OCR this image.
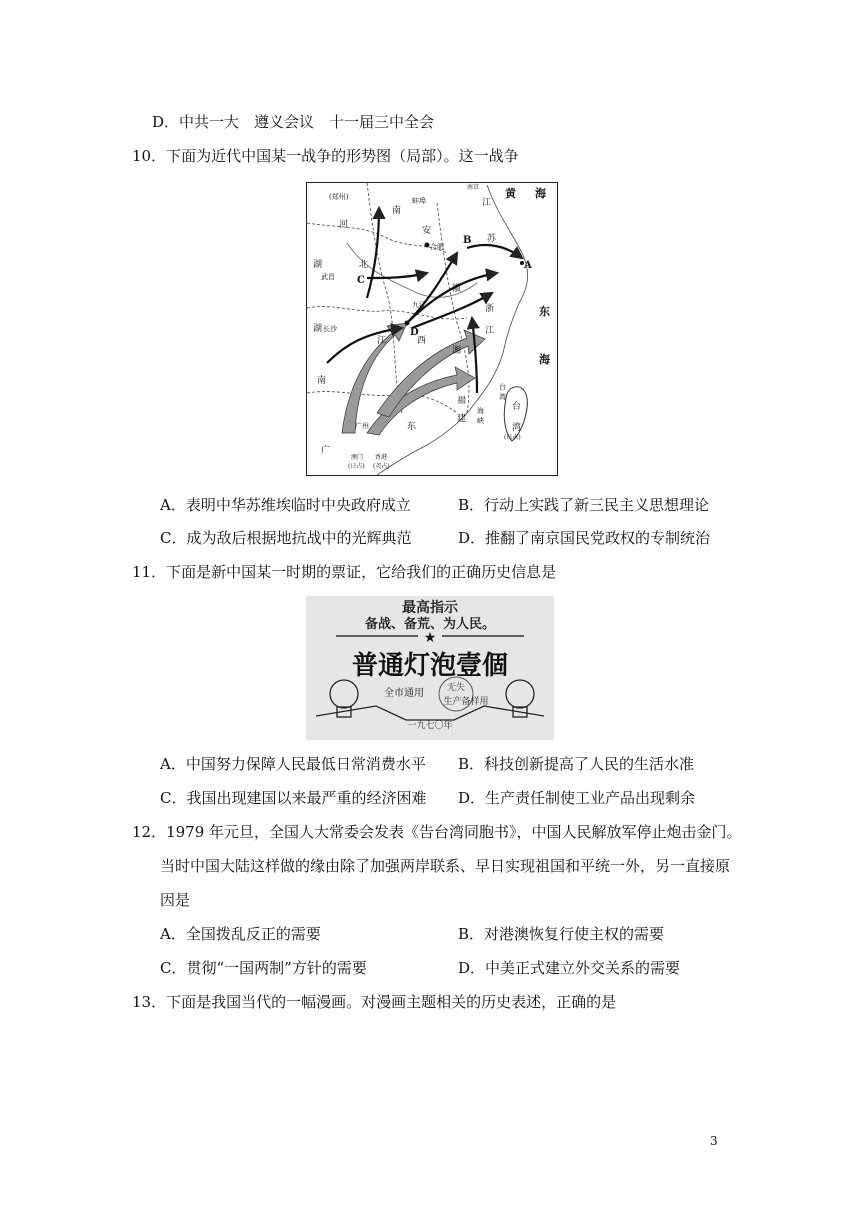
D．中共一大　遵义会议　十一届三中全会
10．下面为近代中国某一战争的形势图（局部）。这一战争
(郑州)
河
南
蚌埠
安
江
苏
黄 海
南京
合肥
湖	北
武昌
九江
徽
浙
江
东
海
湖 长沙
江	西
湘
南
福
建
台
湾
海
峡
台
湾
(日占)
广州	东
广
澳门
(日占)
香港
(英占)
A
B
C
D
A．表明中华苏维埃临时中央政府成立	B．行动上实践了新三民主义思想理论
C．成为敌后根据地抗战中的光辉典范	D．推翻了南京国民党政权的专制统治
11．下面是新中国某一时期的票证，它给我们的正确历史信息是
最高指示
备战、备荒、为人民。
★
普通灯泡壹個
全市通用	无失
生产备样用
一九七〇年
A．中国努力保障人民最低日常消费水平 B．科技创新提高了人民的生活水准
C．我国出现建国以来最严重的经济困难 D．生产责任制使工业产品出现剩余
12．1979 年元旦，全国人大常委会发表《告台湾同胞书》，中国人民解放军停止炮击金门。
当时中国大陆这样做的缘由除了加强两岸联系、早日实现祖国和平统一外，另一直接原
因是
A．全国拨乱反正的需要	B．对港澳恢复行使主权的需要
C．贯彻“一国两制”方针的需要	D．中美正式建立外交关系的需要
13．下面是我国当代的一幅漫画。对漫画主题相关的历史表述，正确的是
3
